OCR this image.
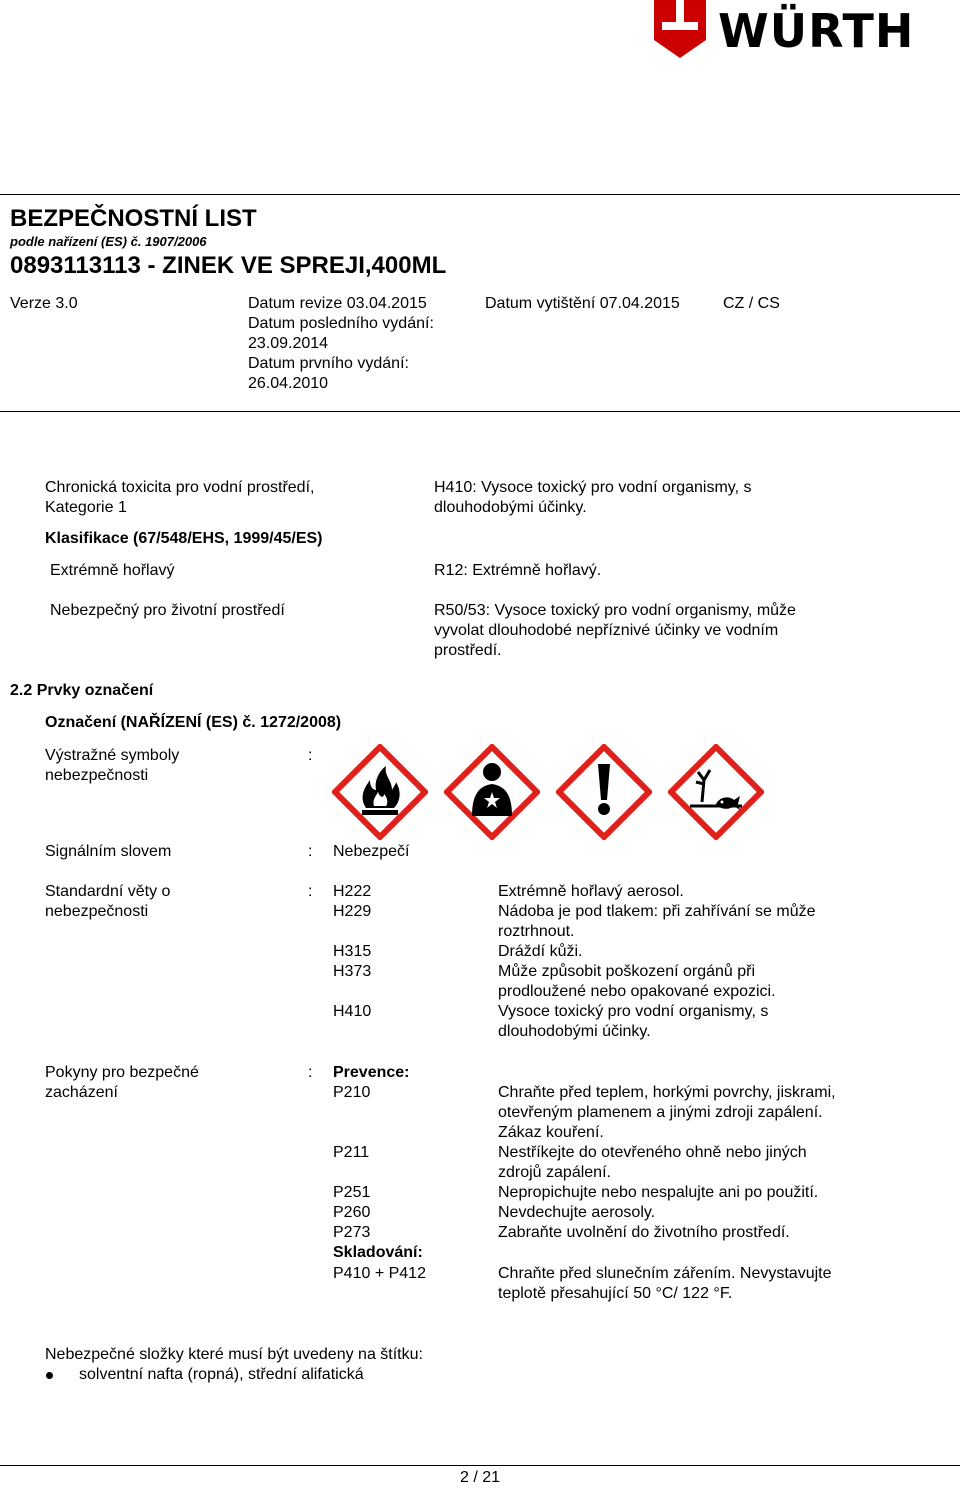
WÜRTH
BEZPEČNOSTNÍ LIST
podle nařízení (ES) č. 1907/2006
0893113113 - ZINEK VE SPREJI,400ML
Verze 3.0	Datum revize 03.04.2015
Datum posledního vydání:
23.09.2014
Datum prvního vydání:
26.04.2010
Datum vytištění 07.04.2015	CZ / CS
Chronická toxicita pro vodní prostředí,
Kategorie 1
H410: Vysoce toxický pro vodní organismy, s
dlouhodobými účinky.
Klasifikace (67/548/EHS, 1999/45/ES)
Extrémně hořlavý	R12: Extrémně hořlavý.
Nebezpečný pro životní prostředí	R50/53: Vysoce toxický pro vodní organismy, může
vyvolat dlouhodobé nepříznivé účinky ve vodním
prostředí.
2.2 Prvky označení
Označení (NAŘÍZENÍ (ES) č. 1272/2008)
Výstražné symboly
nebezpečnosti
:
Signálním slovem	: Nebezpečí
Standardní věty o
nebezpečnosti
: H222	Extrémně hořlavý aerosol.
H229	Nádoba je pod tlakem: při zahřívání se může
roztrhnout.
H315	Dráždí kůži.
H373	Může způsobit poškození orgánů při
prodloužené nebo opakované expozici.
H410	Vysoce toxický pro vodní organismy, s
dlouhodobými účinky.
Pokyny pro bezpečné
zacházení
: Prevence:
P210	Chraňte před teplem, horkými povrchy, jiskrami,
otevřeným plamenem a jinými zdroji zapálení.
Zákaz kouření.
P211	Nestříkejte do otevřeného ohně nebo jiných
zdrojů zapálení.
P251	Nepropichujte nebo nespalujte ani po použití.
P260	Nevdechujte aerosoly.
P273	Zabraňte uvolnění do životního prostředí.
Skladování:
P410 + P412	Chraňte před slunečním zářením. Nevystavujte
teplotě přesahující 50 °C/ 122 °F.
Nebezpečné složky které musí být uvedeny na štítku:
solventní nafta (ropná), střední alifatická
2 / 21
